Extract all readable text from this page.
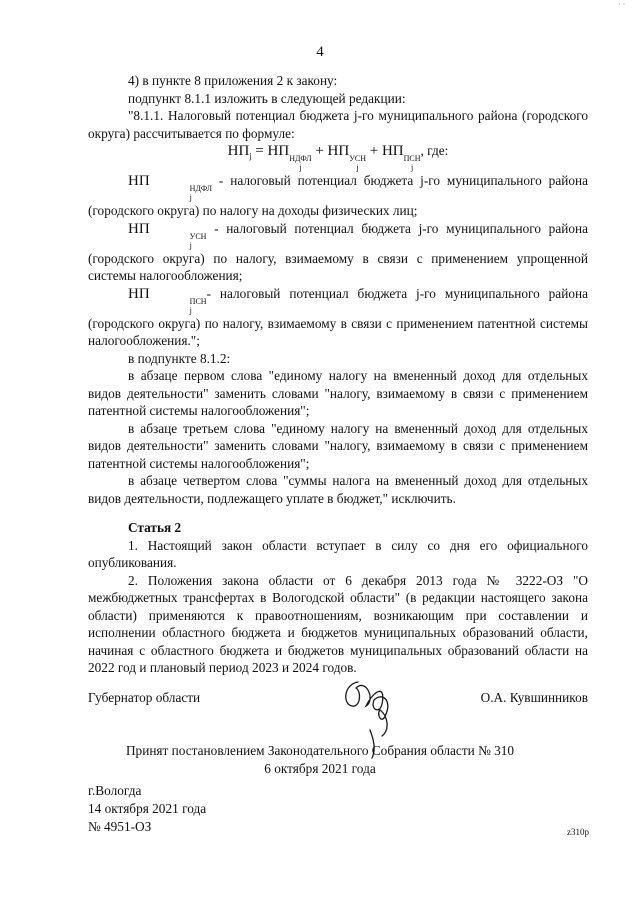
· ·
4

4) в пункте 8 приложения 2 к закону:

подпункт 8.1.1 изложить в следующей редакции:

"8.1.1. Налоговый потенциал бюджета j-го муниципального района (городского округа) рассчитывается по формуле:

$НП_j$ = НП НДФЛ
j
+ НП УСН
j
+ НП ПСН
j
, где:

НП	НДФЛ
j
- налоговый потенциал бюджета j-го муниципального района (городского округа) по налогу на доходы физических лиц;

НП	УСН
j
- налоговый потенциал бюджета j-го муниципального района (городского округа) по налогу, взимаемому в связи с применением упрощенной системы налогообложения;

НП	ПСН
j
- налоговый потенциал бюджета j-го муниципального района (городского округа) по налогу, взимаемому в связи с применением патентной системы налогообложения.";

в подпункте 8.1.2:

в абзаце первом слова "единому налогу на вмененный доход для отдельных видов деятельности" заменить словами "налогу, взимаемому в связи с применением патентной системы налогообложения";

в абзаце третьем слова "единому налогу на вмененный доход для отдельных видов деятельности" заменить словами "налогу, взимаемому в связи с применением патентной системы налогообложения";

в абзаце четвертом слова "суммы налога на вмененный доход для отдельных видов деятельности, подлежащего уплате в бюджет," исключить.

Статья 2

1. Настоящий закон области вступает в силу со дня его официального опубликования.

2. Положения закона области от 6 декабря 2013 года № 3222-ОЗ "О межбюджетных трансфертах в Вологодской области" (в редакции настоящего закона области) применяются к правоотношениям, возникающим при составлении и исполнении областного бюджета и бюджетов муниципальных образований области, начиная с областного бюджета и бюджетов муниципальных образований области на 2022 год и плановый период 2023 и 2024 годов.

Губернатор области	О.А. Кувшинников
Принят постановлением Законодательного Собрания области № 310
6 октября 2021 года
г.Вологда
14 октября 2021 года
№ 4951-ОЗ	z310p
